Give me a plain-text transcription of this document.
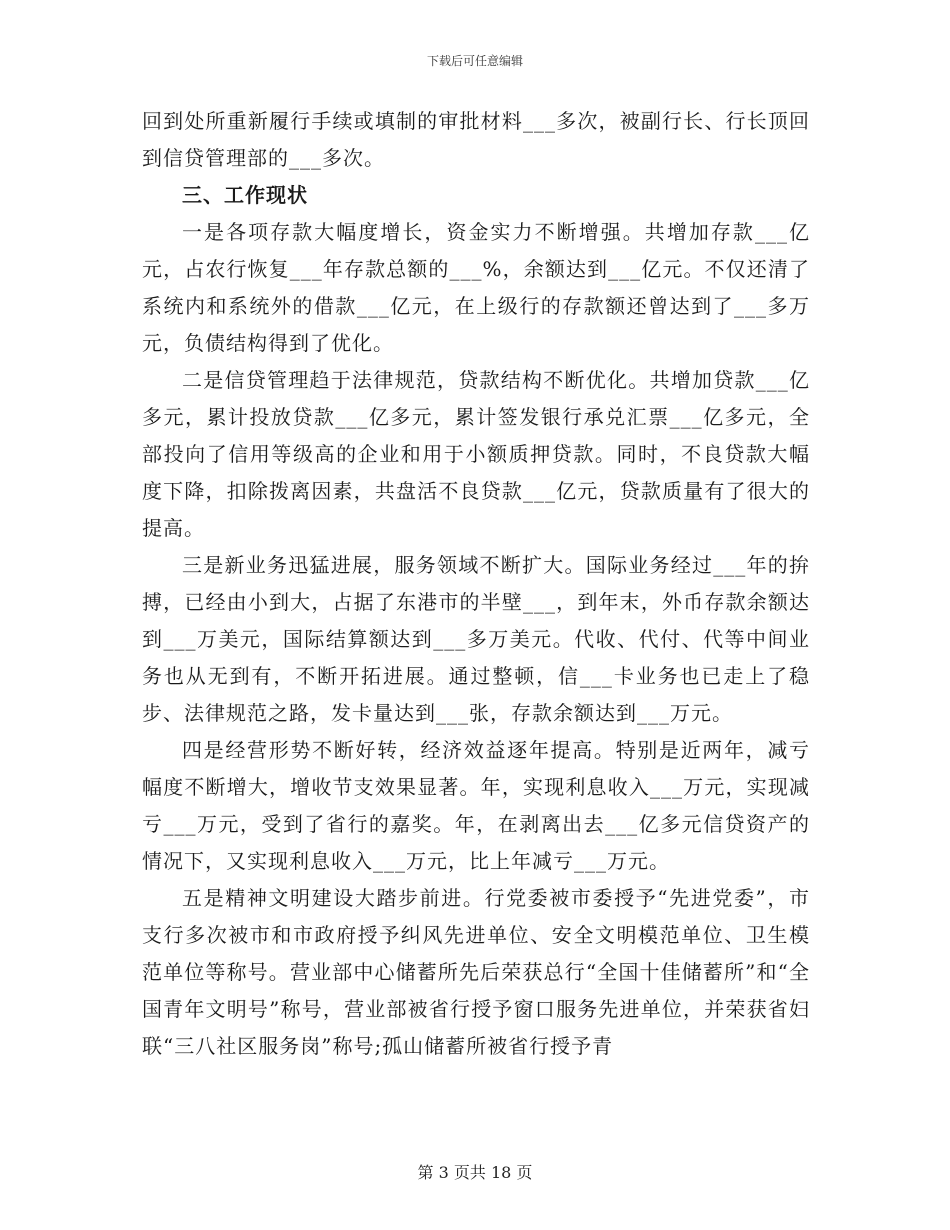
下载后可任意编辑

回到处所重新履行手续或填制的审批材料___多次，被副行长、行长顶回到信贷管理部的___多次。

三、工作现状

一是各项存款大幅度增长，资金实力不断增强。共增加存款___亿元，占农行恢复___年存款总额的___%，余额达到___亿元。不仅还清了系统内和系统外的借款___亿元，在上级行的存款额还曾达到了___多万元，负债结构得到了优化。

二是信贷管理趋于法律规范，贷款结构不断优化。共增加贷款___亿多元，累计投放贷款___亿多元，累计签发银行承兑汇票___亿多元，全部投向了信用等级高的企业和用于小额质押贷款。同时，不良贷款大幅度下降，扣除拨离因素，共盘活不良贷款___亿元，贷款质量有了很大的提高。

三是新业务迅猛进展，服务领域不断扩大。国际业务经过___年的拚搏，已经由小到大，占据了东港市的半壁___，到年末，外币存款余额达到___万美元，国际结算额达到___多万美元。代收、代付、代等中间业务也从无到有，不断开拓进展。通过整顿，信___卡业务也已走上了稳步、法律规范之路，发卡量达到___张，存款余额达到___万元。

四是经营形势不断好转，经济效益逐年提高。特别是近两年，减亏幅度不断增大，增收节支效果显著。年，实现利息收入___万元，实现减亏___万元，受到了省行的嘉奖。年，在剥离出去___亿多元信贷资产的情况下，又实现利息收入___万元，比上年减亏___万元。

五是精神文明建设大踏步前进。行党委被市委授予“先进党委”，市支行多次被市和市政府授予纠风先进单位、安全文明模范单位、卫生模范单位等称号。营业部中心储蓄所先后荣获总行“全国十佳储蓄所”和“全国青年文明号”称号，营业部被省行授予窗口服务先进单位，并荣获省妇联“三八社区服务岗”称号;孤山储蓄所被省行授予青

第 3 页共 18 页
